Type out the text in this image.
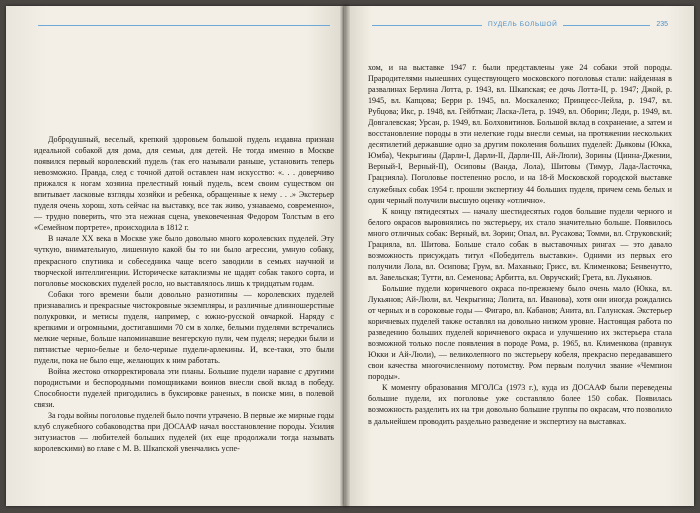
Добродушный, веселый, крепкий здоровьем большой пудель издавна признан идеальной собакой для дома, для семьи, для детей. Не тогда именно в Москве появился первый королевский пудель (так его называли раньше, установить теперь невозможно. Правда, след с точной датой оставлен нам искусство: «. . . доверчиво прижался к ногам хозяина прелестный юный пудель, всем своим существом он впитывает ласковые взгляды хозяйки и ребенка, обращенные к нему . . .» Экстерьер пуделя очень хорош, хоть сейчас на выставку, все так живо, узнаваемо, современно», — трудно поверить, что эта нежная сцена, увековеченная Федором Толстым в его «Семейном портрете», происходила в 1812 г.

В начале XX века в Москве уже было довольно много королевских пуделей. Эту чуткую, внимательную, лишенную какой бы то ни было агрессии, умную собаку, прекрасного спутника и собеседника чаще всего заводили в семьях научной и творческой интеллигенции. Историческе катаклизмы не щадят собак такого сорта, и поголовье московских пуделей росло, но выставлялось лишь к тридцатым годам.

Собаки того времени были довольно разнотипны — королевских пуделей признавались и прекрасные чистокровные экземпляры, и различные длинношерстные полукровки, и метисы пуделя, например, с южно-русской овчаркой. Наряду с крепкими и огромными, достигавшими 70 см в холке, белыми пуделями встречались мелкие черные, больше напоминавшие венгерскую пули, чем пуделя; нередки были и пятнистые черно-белые и бело-черные пудели-арлекины. И, все-таки, это были пудели, пока не было еще, желающих к ним работать.

Война жестоко откорректировала эти планы. Большие пудели наравне с другими породистыми и беспородными помощниками воинов внесли свой вклад в победу. Способности пуделей пригодились в буксировке раненых, в поиске мин, в полевой связи.

За годы войны поголовье пуделей было почти утрачено. В первые же мирные годы клуб служебного собаководства при ДОСААФ начал восстановление породы. Усилия энтузиастов — любителей больших пуделей (их еще продолжали тогда называть королевскими) во главе с М. В. Шкапской увенчались успе-

ПУДЕЛЬ БОЛЬШОЙ	235

хом, и на выставке 1947 г. были представлены уже 24 собаки этой породы. Прародителями нынешних существующего московского поголовья стали: найденная в развалинах Берлина Лотта, р. 1943, вл. Шкапская; ее дочь Лотта-II, р. 1947; Джой, р. 1945, вл. Капцова; Берри р. 1945, вл. Москаленко; Принцесс-Лейла, р. 1947, вл. Рубцова; Икс, р. 1948, вл. Гейбтман; Ласка-Лета, р. 1949, вл. Оборин; Леди, р. 1949, вл. Довгалевская; Урсан, р. 1949, вл. Болховитинов. Большой вклад в сохранение, а затем и восстановление породы в эти нелегкие годы внесли семьи, на протяжении нескольких десятилетий державшие одно за другим поколения больших пуделей: Дьяковы (Юкка, Юмба), Чекрыгины (Дарли-I, Дарли-II, Дарли-III, Ай-Люли), Зорины (Цинна-Джении, Верный-I, Верный-II), Осиповы (Ванда, Лола), Шитовы (Тимур, Лада-Ласточка, Грацзияла). Поголовье постепенно росло, и на 18-й Московской городской выставке служебных собак 1954 г. прошли экспертизу 44 больших пуделя, причем семь белых и один черный получили высшую оценку «отлично».

К концу пятидесятых — началу шестидесятых годов большие пудели черного и белого окрасов выровнялись по экстерьеру, их стало значительно больше. Появилось много отличных собак: Верный, вл. Зорин; Опал, вл. Русакова; Томми, вл. Струковский; Грацияла, вл. Шитова. Больше стало собак в выставочных рингах — это давало возможность присуждать титул «Победитель выставки». Одними из первых его получили Лола, вл. Осипова; Грум, вл. Маханько; Грисс, вл. Клименкова; Бенвенутто, вл. Завельская; Тутти, вл. Семенова; Арбитта, вл. Овручский; Грета, вл. Лукьянов.

Большие пудели коричневого окраса по-прежнему было очень мало (Юкка, вл. Лукьянов; Ай-Люли, вл. Чекрыгина; Лолита, вл. Иванова), хотя они иногда рождались от черных и в сороковые годы — Фигаро, вл. Кабанов; Анита, вл. Галунская. Экстерьер коричневых пуделей также оставлял на довольно низком уровне. Настоящая работа по разведению больших пуделей коричневого окраса и улучшению их экстерьера стала возможной только после появления в породе Рома, р. 1965, вл. Клименкова (правнук Юкки и Ай-Люли), — великолепного по экстерьеру кобеля, прекрасно передававшего свои качества многочисленному потомству. Ром первым получил звание «Чемпион породы».

К моменту образования МГОЛСа (1973 г.), куда из ДОСААФ были переведены большие пудели, их поголовье уже составляло более 150 собак. Появилась возможность разделить их на три довольно большие группы по окрасам, что позволило в дальнейшем проводить раздельно разведение и экспертизу на выставках.
